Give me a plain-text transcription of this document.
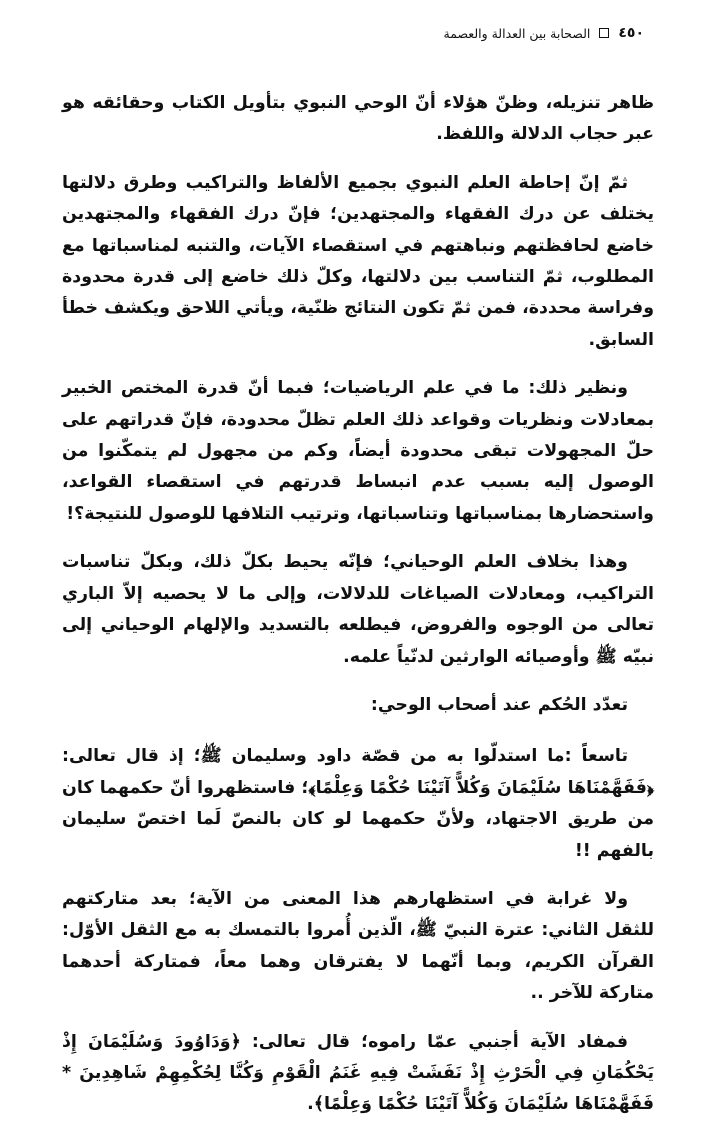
٤٥٠
الصحابة بين العدالة والعصمة

ظاهر تنزيله، وظنّ هؤلاء أنّ الوحي النبوي بتأويل الكتاب وحقائقه هو عبر حجاب الدلالة واللفظ.

ثمّ إنّ إحاطة العلم النبوي بجميع الألفاظ والتراكيب وطرق دلالتها يختلف عن درك الفقهاء والمجتهدين؛ فإنّ درك الفقهاء والمجتهدين خاضع لحافظتهم ونباهتهم في استقصاء الآيات، والتنبه لمناسباتها مع المطلوب، ثمّ التناسب بين دلالتها، وكلّ ذلك خاضع إلى قدرة محدودة وفراسة محددة، فمن ثمّ تكون النتائج ظنّية، ويأتي اللاحق ويكشف خطأ السابق.

ونظير ذلك: ما في علم الرياضيات؛ فبما أنّ قدرة المختص الخبير بمعادلات ونظريات وقواعد ذلك العلم تظلّ محدودة، فإنّ قدراتهم على حلّ المجهولات تبقى محدودة أيضاً، وكم من مجهول لم يتمكّنوا من الوصول إليه بسبب عدم انبساط قدرتهم في استقصاء القواعد، واستحضارها بمناسباتها وتناسباتها، وترتيب التلافها للوصول للنتيجة؟!

وهذا بخلاف العلم الوحياني؛ فإنّه يحيط بكلّ ذلك، وبكلّ تناسبات التراكيب، ومعادلات الصياغات للدلالات، وإلى ما لا يحصيه إلاّ الباري تعالى من الوجوه والفروض، فيطلعه بالتسديد والإلهام الوحياني إلى نبيّه ﷺ وأوصيائه الوارثين لدنّياً علمه.

تعدّد الحُكم عند أصحاب الوحي:

تاسعاً :ما استدلّوا به من قصّة داود وسليمان ﷺ؛ إذ قال تعالى:﴿فَفَهَّمْنَاهَا سُلَيْمَانَ وَكُلاًّ آتَيْنَا حُكْمًا وَعِلْمًا﴾؛ فاستظهروا أنّ حكمهما كان من طريق الاجتهاد، ولأنّ حكمهما لو كان بالنصّ لَما اختصّ سليمان بالفهم !!

ولا غرابة في استظهارهم هذا المعنى من الآية؛ بعد متاركتهم للثقل الثاني: عترة النبيّ ﷺ، الّذين أُمروا بالتمسك به مع الثقل الأوّل: القرآن الكريم، وبما أنّهما لا يفترقان وهما معاً، فمتاركة أحدهما متاركة للآخر ..

فمفاد الآية أجنبي عمّا راموه؛ قال تعالى: ﴿وَدَاوُودَ وَسُلَيْمَانَ إِذْ يَحْكُمَانِ فِي الْحَرْثِ إِذْ نَفَشَتْ فِيهِ غَنَمُ الْقَوْمِ وَكُنَّا لِحُكْمِهِمْ شَاهِدِينَ * فَفَهَّمْنَاهَا سُلَيْمَانَ وَكُلاًّ آتَيْنَا حُكْمًا وَعِلْمًا﴾.
